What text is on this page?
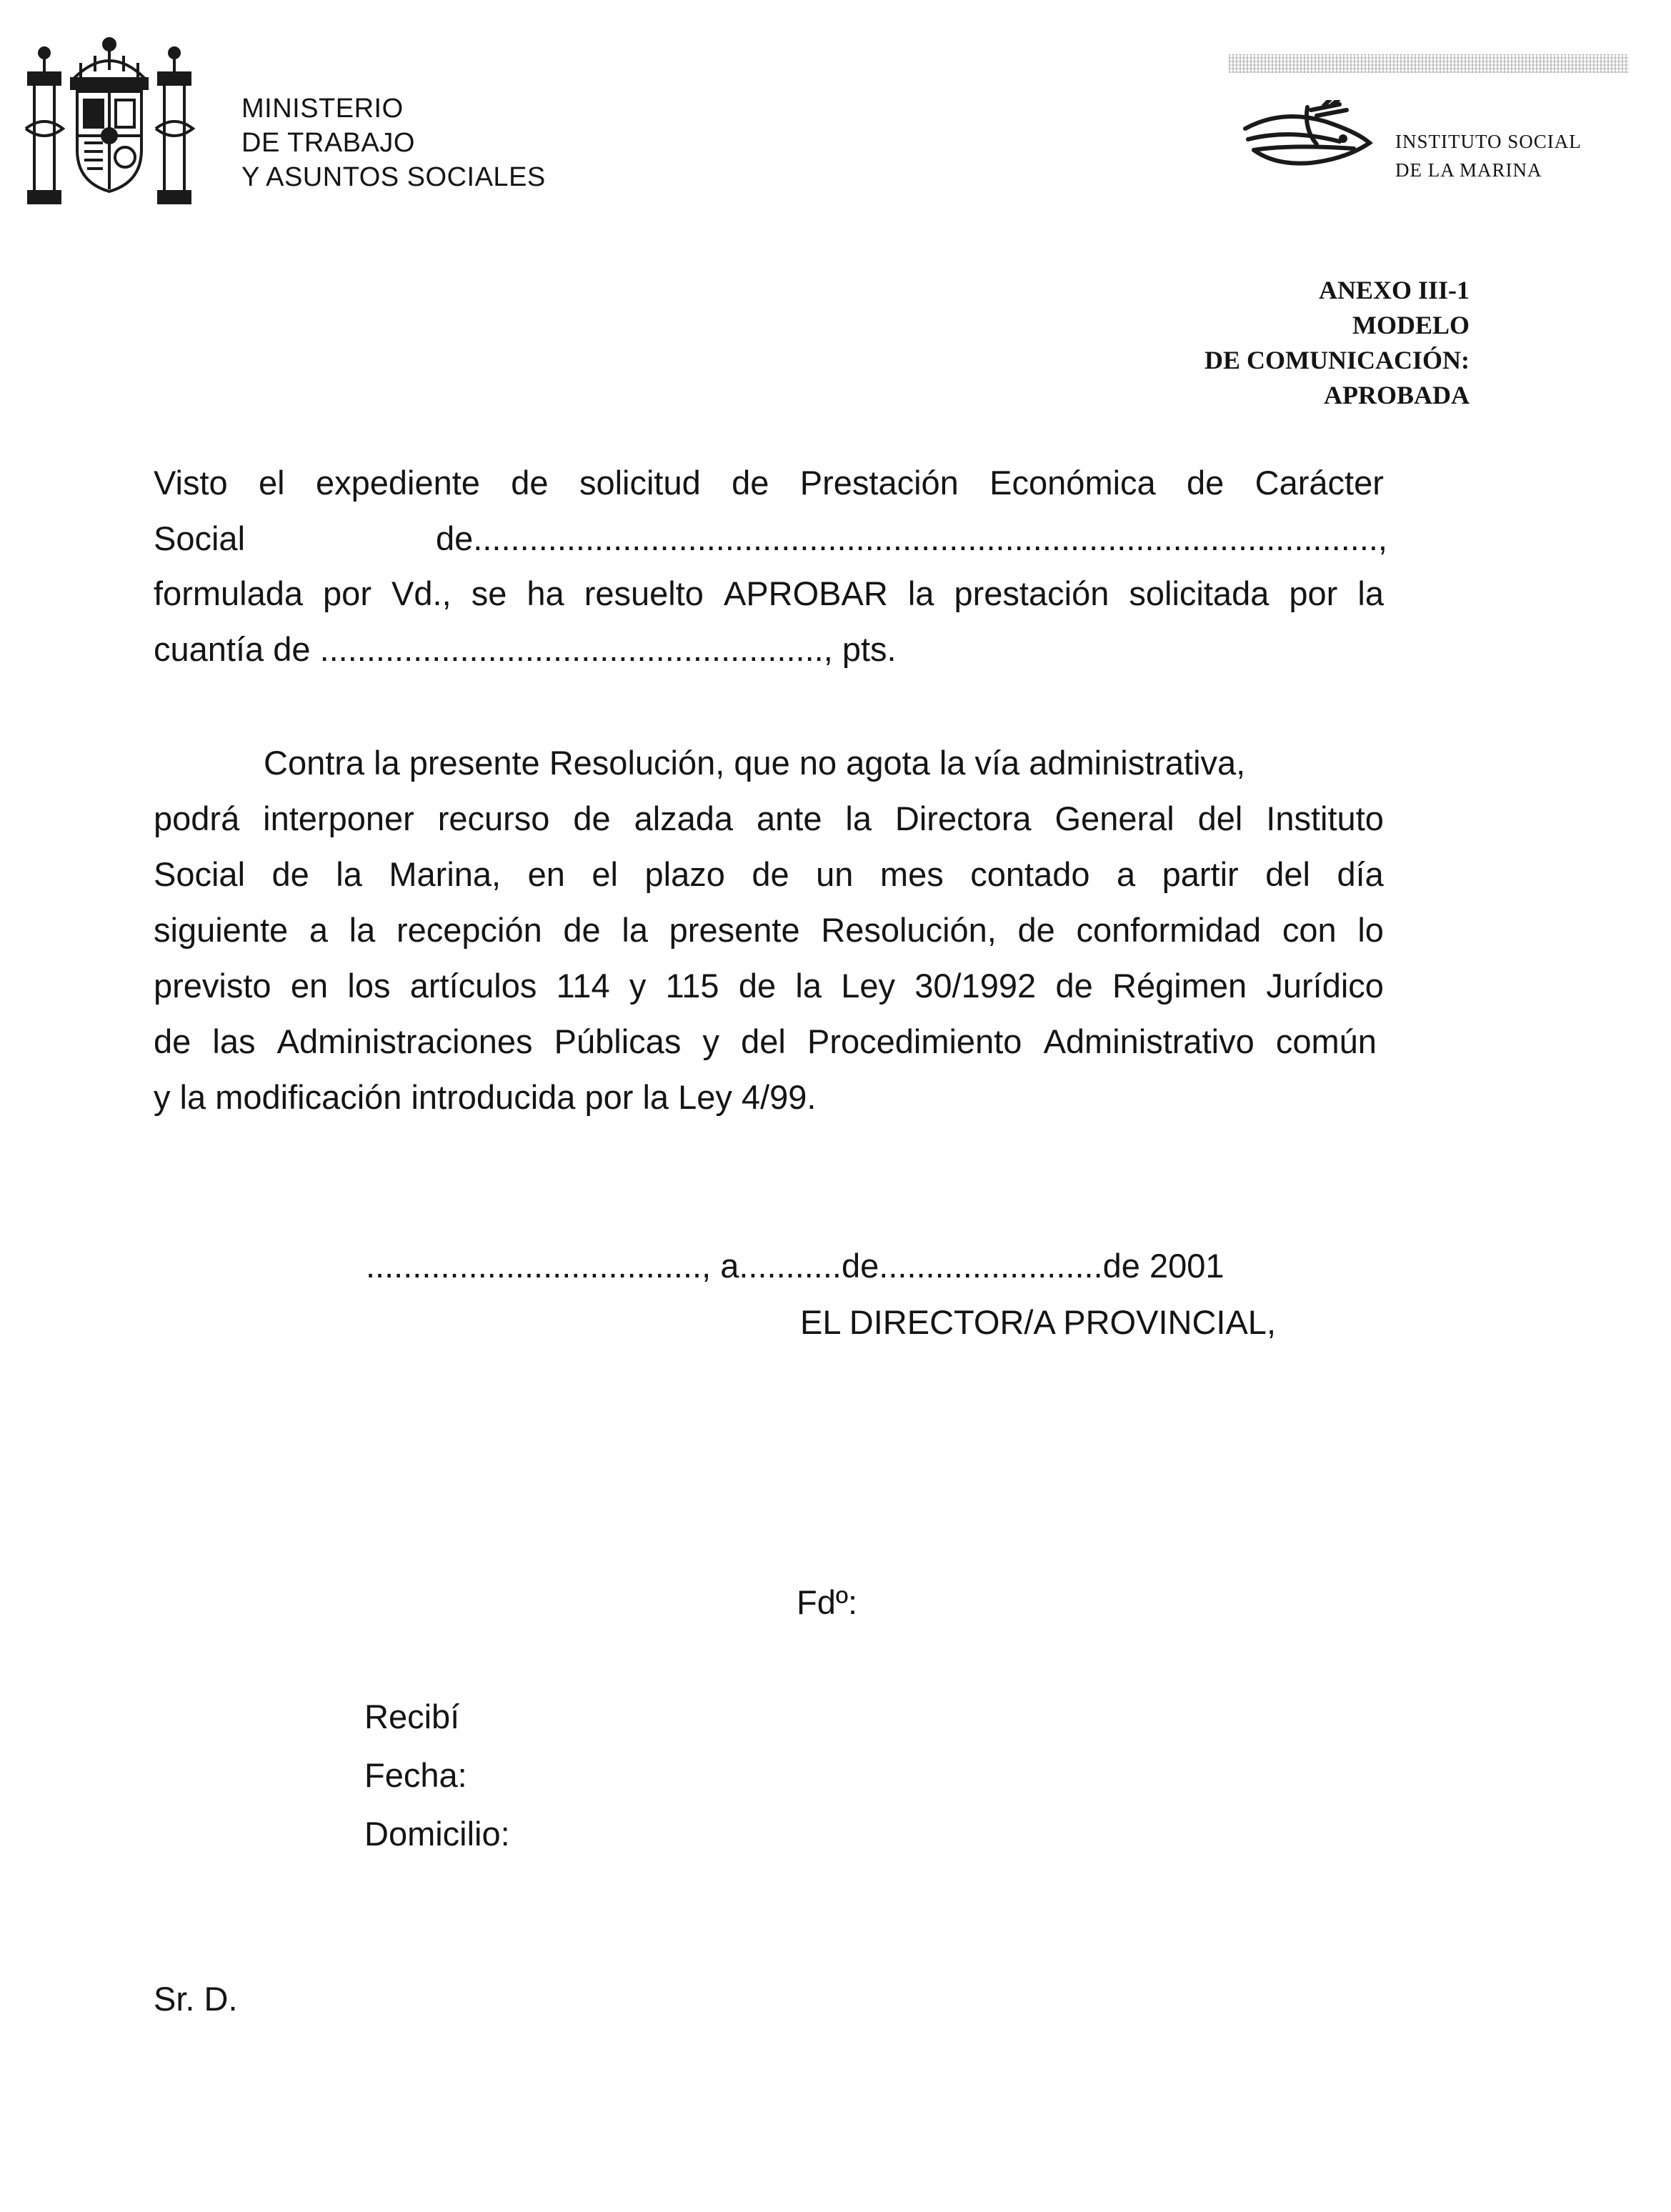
MINISTERIO
DE TRABAJO
Y ASUNTOS SOCIALES
INSTITUTO SOCIAL
DE LA MARINA
ANEXO III-1
MODELO
DE COMUNICACIÓN:
APROBADA
Visto el expediente de solicitud de Prestación Económica de Carácter
Social	de.................................................................................................,
formulada por Vd., se ha resuelto APROBAR la prestación solicitada por la
cuantía de ......................................................, pts.
Contra la presente Resolución, que no agota la vía administrativa,
podrá interponer recurso de alzada ante la Directora General del Instituto
Social de la Marina, en el plazo de un mes contado a partir del día
siguiente a la recepción de la presente Resolución, de conformidad con lo
previsto en los artículos 114 y 115 de la Ley 30/1992 de Régimen Jurídico
de las Administraciones Públicas y del Procedimiento Administrativo común
y la modificación introducida por la Ley 4/99.
...................................., a...........de........................de 2001
EL DIRECTOR/A PROVINCIAL,
Fdº:
Recibí
Fecha:
Domicilio:
Sr. D.
